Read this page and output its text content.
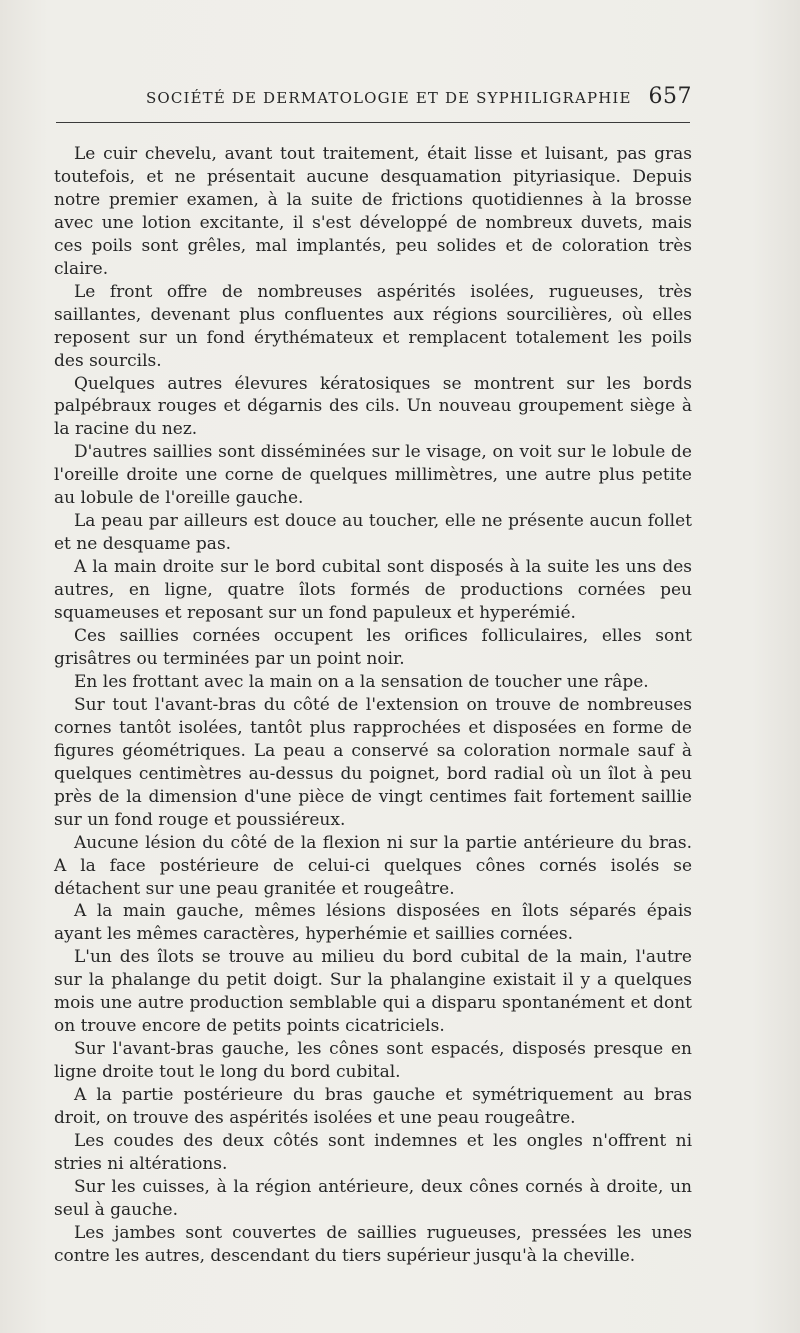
SOCIÉTÉ DE DERMATOLOGIE ET DE SYPHILIGRAPHIE 657

Le cuir chevelu, avant tout traitement, était lisse et luisant, pas gras toutefois, et ne présentait aucune desquamation pityriasique. Depuis notre premier examen, à la suite de frictions quotidiennes à la brosse avec une lotion excitante, il s'est développé de nombreux duvets, mais ces poils sont grêles, mal implantés, peu solides et de coloration très claire.

Le front offre de nombreuses aspérités isolées, rugueuses, très saillantes, devenant plus confluentes aux régions sourcilières, où elles reposent sur un fond érythémateux et remplacent totalement les poils des sourcils.

Quelques autres élevures kératosiques se montrent sur les bords palpébraux rouges et dégarnis des cils. Un nouveau groupement siège à la racine du nez.

D'autres saillies sont disséminées sur le visage, on voit sur le lobule de l'oreille droite une corne de quelques millimètres, une autre plus petite au lobule de l'oreille gauche.

La peau par ailleurs est douce au toucher, elle ne présente aucun follet et ne desquame pas.

A la main droite sur le bord cubital sont disposés à la suite les uns des autres, en ligne, quatre îlots formés de productions cornées peu squameuses et reposant sur un fond papuleux et hyperémié.

Ces saillies cornées occupent les orifices folliculaires, elles sont grisâtres ou terminées par un point noir.

En les frottant avec la main on a la sensation de toucher une râpe.

Sur tout l'avant-bras du côté de l'extension on trouve de nombreuses cornes tantôt isolées, tantôt plus rapprochées et disposées en forme de figures géométriques. La peau a conservé sa coloration normale sauf à quelques centimètres au-dessus du poignet, bord radial où un îlot à peu près de la dimension d'une pièce de vingt centimes fait fortement saillie sur un fond rouge et poussiéreux.

Aucune lésion du côté de la flexion ni sur la partie antérieure du bras. A la face postérieure de celui-ci quelques cônes cornés isolés se détachent sur une peau granitée et rougeâtre.

A la main gauche, mêmes lésions disposées en îlots séparés épais ayant les mêmes caractères, hyperhémie et saillies cornées.

L'un des îlots se trouve au milieu du bord cubital de la main, l'autre sur la phalange du petit doigt. Sur la phalangine existait il y a quelques mois une autre production semblable qui a disparu spontanément et dont on trouve encore de petits points cicatriciels.

Sur l'avant-bras gauche, les cônes sont espacés, disposés presque en ligne droite tout le long du bord cubital.

A la partie postérieure du bras gauche et symétriquement au bras droit, on trouve des aspérités isolées et une peau rougeâtre.

Les coudes des deux côtés sont indemnes et les ongles n'offrent ni stries ni altérations.

Sur les cuisses, à la région antérieure, deux cônes cornés à droite, un seul à gauche.

Les jambes sont couvertes de saillies rugueuses, pressées les unes contre les autres, descendant du tiers supérieur jusqu'à la cheville.
